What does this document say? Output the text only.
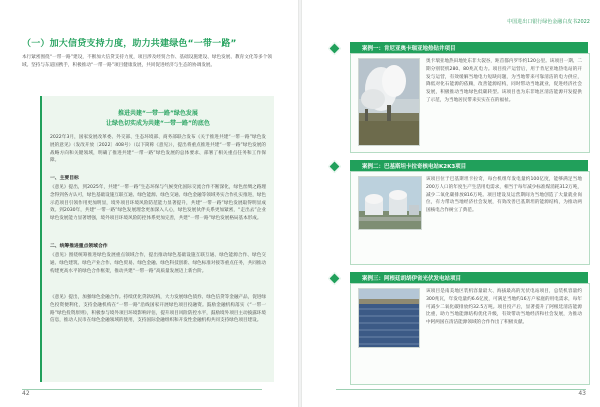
（一）加大信贷支持力度，助力共建绿色“一带一路”

本行紧密围绕“一带一路”建设，不断加大信贷支持力度，项目涉及经贸合作、基础设施建设、绿色发展、教育文化等多个领域。坚持与东道国携手，积极推动“一带一路”项目健康发展，共同促进经济与生态的协调发展。

推进共建“一带一路”绿色发展
让绿色切实成为共建“一带一路”的底色

2022年3月，国家发展改革委、外交部、生态环境部、商务部联合发布《关于推进共建“一带一路”绿色发展的意见》（发改开放〔2022〕408号）（以下简称《意见》），提出将重点推进共建“一带一路”绿色发展的战略方向和关键领域，明确了推进共建“一带一路”绿色发展的总体要求、部署了相关重点任务和工作保障。

一、主要目标

《意见》提出，到2025年，共建“一带一路”生态环保与气候变化国际交流合作不断深化，绿色丝绸之路理念得到各方认可，绿色基础设施互联互通、绿色能源、绿色交通、绿色金融等领域务实合作扎实推进，绿色示范项目引领作用更加明显，境外项目环境风险防范能力显著提升，共建“一带一路”绿色发展取得明显成效。到2030年，共建“一带一路”绿色发展理念更加深入人心，绿色发展伙伴关系更加紧密，“走出去”企业绿色发展能力显著增强，境外项目环境风险防控体系更加完善，共建“一带一路”绿色发展格局基本形成。

二、统筹推进重点领域合作

《意见》围绕统筹推进绿色发展重点领域合作，提出推动绿色基础设施互联互通、绿色能源合作、绿色交通、绿色建筑、绿色产业合作、绿色贸易、绿色金融、绿色科技创新、绿色标准对接等重点任务，共同推动构建更高水平的绿色合作框架，推动共建“一带一路”高质量发展迈上新台阶。

《意见》提出，加强绿色金融合作。持续优化贷款结构，大力发展绿色债券、绿色信贷等金融产品，促进绿色投资便利化，支持金融机构在“一带一路”沿线国家开展绿色项目投融资。鼓励金融机构落实《“一带一路”绿色投资原则》，积极参与境外项目环境影响评估，提升项目风险防控水平，鼓励境外项目主动披露环境信息，推动人民币在绿色金融领域的使用，支持国际金融组织和开发性金融机构共同支持绿色项目建设。

42
中国进出口银行绿色金融白皮书2022
案例一：肯尼亚奥卡瑞亚地热钻井项目

奥卡瑞亚地热田地处东非大裂谷，距首都内罗毕约120公里。该项目一期、二期分别装机280、80兆瓦电力。项目投产运营后，用于肯尼亚地热电站的开发与运营，有效缓解当地电力短缺问题，为当地带来可靠清洁的电力供应，降低对化石能源的依赖，改善能源结构，同时带动当地就业，促进经济社会发展，积极推动当地绿色低碳转型。该项目也为东非地区清洁能源开发提供了示范，为当地居民带来实实在在的福祉。

案例二：巴基斯坦卡拉奇核电站K2K3项目

该项目位于巴基斯坦卡拉奇，每台机组年发电量约100亿度，能够满足当地200万人口的年度生产生活用电需求，相当于每年减少标准煤消耗312万吨，减少二氧化碳排放816万吨。项目建设及运营期间为当地创造了大量就业岗位，有力带动当地经济社会发展，有效改善巴基斯坦的能源结构，为推动两国核电合作树立了典范。

案例三：阿根廷胡胡伊省光伏发电站项目

该项目是南美地区装机容量最大、海拔最高的光伏电站项目，总装机容量约300兆瓦，年发电量约6.6亿度，可满足当地约16万户家庭的用电需求，每年可减少二氧化碳排放约32.5万吨。项目投产后，显著提升了阿根廷清洁能源比重，助力当地能源结构优化升级，有效带动当地经济和社会发展，为推动中阿两国在清洁能源领域的合作作出了积极贡献。

43
